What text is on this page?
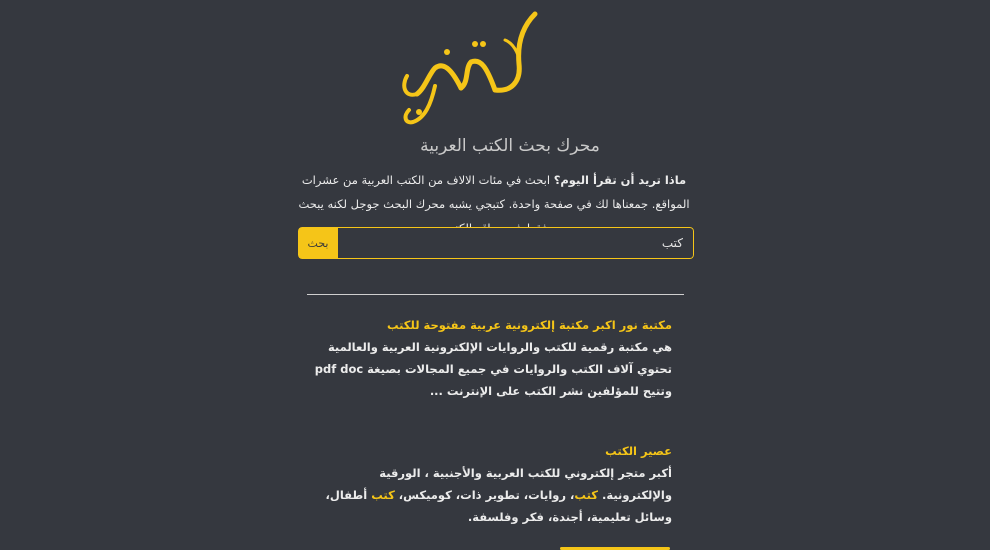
محرك بحث الكتب العربية
ماذا تريد أن تقرأ اليوم؟ ابحث في مئات الالاف من الكتب العربية من عشرات المواقع. جمعناها لك في صفحة واحدة. كتبجي يشبه محرك البحث جوجل لكنه يبحث
كتب
بحث
مكتبة نور اكبر مكتبة إلكترونية عربية مفتوحة للكتب
هي مكتبة رقمية للكتب والروايات الإلكترونية العربية والعالمية تحتوي آلاف الكتب والروايات في جميع المجالات بصيغة pdf doc وتتيح للمؤلفين نشر الكتب على الإنترنت ...
عصير الكتب
أكبر متجر إلكتروني للكتب العربية والأجنبية ، الورقية والإلكترونية. كتب، روايات، تطوير ذات، كوميكس، كتب أطفال، وسائل تعليمية، أجندة، فكر وفلسفة.
